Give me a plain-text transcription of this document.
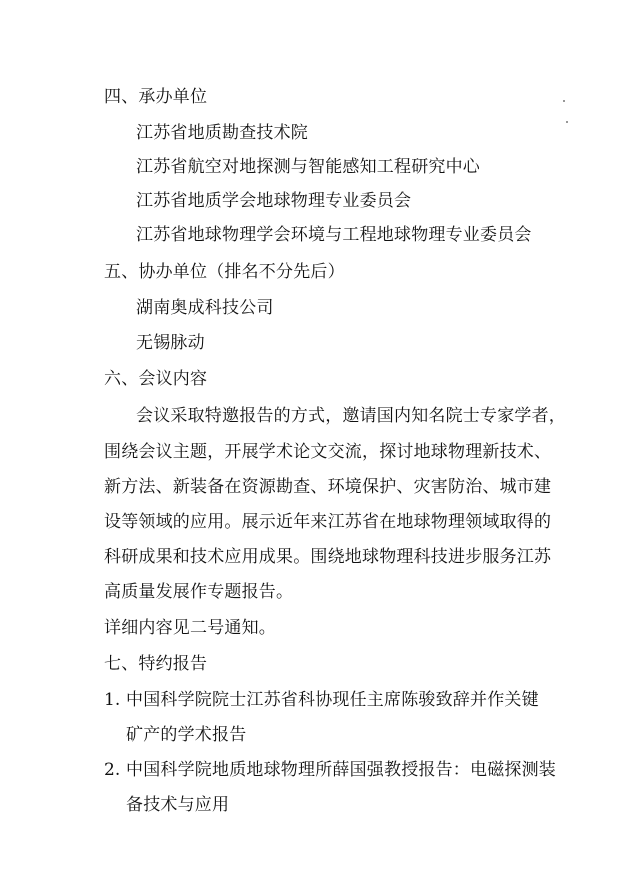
四、承办单位
江苏省地质勘查技术院
江苏省航空对地探测与智能感知工程研究中心
江苏省地质学会地球物理专业委员会
江苏省地球物理学会环境与工程地球物理专业委员会
五、协办单位（排名不分先后）
湖南奥成科技公司
无锡脉动
六、会议内容
会议采取特邀报告的方式，邀请国内知名院士专家学者，
围绕会议主题，开展学术论文交流，探讨地球物理新技术、
新方法、新装备在资源勘查、环境保护、灾害防治、城市建
设等领域的应用。展示近年来江苏省在地球物理领域取得的
科研成果和技术应用成果。围绕地球物理科技进步服务江苏
高质量发展作专题报告。
详细内容见二号通知。
七、特约报告
1. 中国科学院院士江苏省科协现任主席陈骏致辞并作关键
矿产的学术报告
2. 中国科学院地质地球物理所薛国强教授报告：电磁探测装
备技术与应用
